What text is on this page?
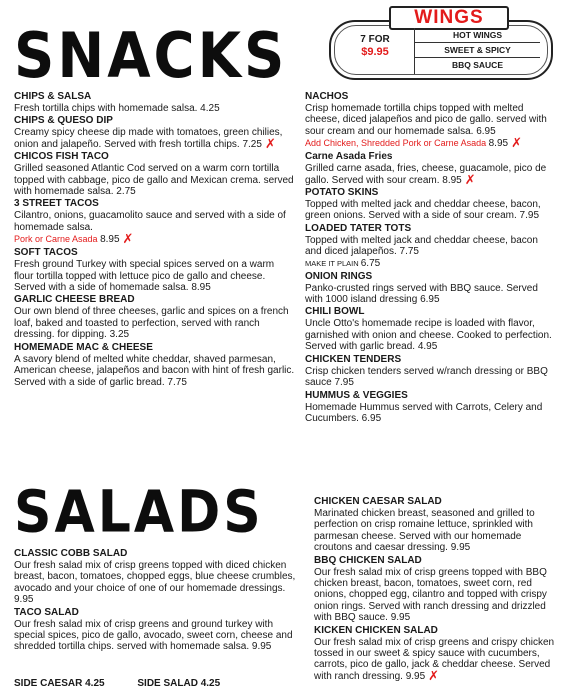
SNACKS
WINGS
7 FOR
$9.95
HOT WINGS
SWEET & SPICY
BBQ SAUCE
CHIPS & SALSA
Fresh tortilla chips with homemade salsa. 4.25
CHIPS & QUESO DIP
Creamy spicy cheese dip made with tomatoes, green chilies, onion and jalapeño. Served with fresh tortilla chips. 7.25 ✗
CHICOS FISH TACO
Grilled seasoned Atlantic Cod served on a warm corn tortilla topped with cabbage, pico de gallo and Mexican crema. served with homemade salsa. 2.75
3 STREET TACOS
Cilantro, onions, guacamolito sauce and served with a side of homemade salsa.
Pork or Carne Asada 8.95 ✗
SOFT TACOS
Fresh ground Turkey with special spices served on a warm flour tortilla topped with lettuce pico de gallo and cheese. Served with a side of homemade salsa. 8.95
GARLIC CHEESE BREAD
Our own blend of three cheeses, garlic and spices on a french loaf, baked and toasted to perfection, served with ranch dressing. for dipping. 3.25
HOMEMADE MAC & CHEESE
A savory blend of melted white cheddar, shaved parmesan, American cheese, jalapeños and bacon with hint of fresh garlic. Served with a side of garlic bread. 7.75
NACHOS
Crisp homemade tortilla chips topped with melted cheese, diced jalapeños and pico de gallo. served with sour cream and our homemade salsa. 6.95
Add Chicken, Shredded Pork or Carne Asada 8.95 ✗
Carne Asada Fries
Grilled carne asada, fries, cheese, guacamole, pico de gallo. Served with sour cream. 8.95 ✗
POTATO SKINS
Topped with melted jack and cheddar cheese, bacon, green onions. Served with a side of sour cream. 7.95
LOADED TATER TOTS
Topped with melted jack and cheddar cheese, bacon and diced jalapeños. 7.75
MAKE IT PLAIN 6.75
ONION RINGS
Panko-crusted rings served with BBQ sauce. Served with 1000 island dressing 6.95
CHILI BOWL
Uncle Otto's homemade recipe is loaded with flavor, garnished with onion and cheese. Cooked to perfection. Served with garlic bread. 4.95
CHICKEN TENDERS
Crisp chicken tenders served w/ranch dressing or BBQ sauce 7.95
HUMMUS & VEGGIES
Homemade Hummus served with Carrots, Celery and Cucumbers. 6.95
SALADS
CLASSIC COBB SALAD
Our fresh salad mix of crisp greens topped with diced chicken breast, bacon, tomatoes, chopped eggs, blue cheese crumbles, avocado and your choice of one of our homemade dressings. 9.95
TACO SALAD
Our fresh salad mix of crisp greens and ground turkey with special spices, pico de gallo, avocado, sweet corn, cheese and shredded tortilla chips. served with homemade salsa. 9.95
CHICKEN CAESAR SALAD
Marinated chicken breast, seasoned and grilled to perfection on crisp romaine lettuce, sprinkled with parmesan cheese. Served with our homemade croutons and caesar dressing. 9.95
BBQ CHICKEN SALAD
Our fresh salad mix of crisp greens topped with BBQ chicken breast, bacon, tomatoes, sweet corn, red onions, chopped egg, cilantro and topped with crispy onion rings. Served with ranch dressing and drizzled with BBQ sauce. 9.95
KICKEN CHICKEN SALAD
Our fresh salad mix of crisp greens and crispy chicken tossed in our sweet & spicy sauce with cucumbers, carrots, pico de gallo, jack & cheddar cheese. Served with ranch dressing. 9.95 ✗
SIDE CAESAR 4.25	SIDE SALAD 4.25
